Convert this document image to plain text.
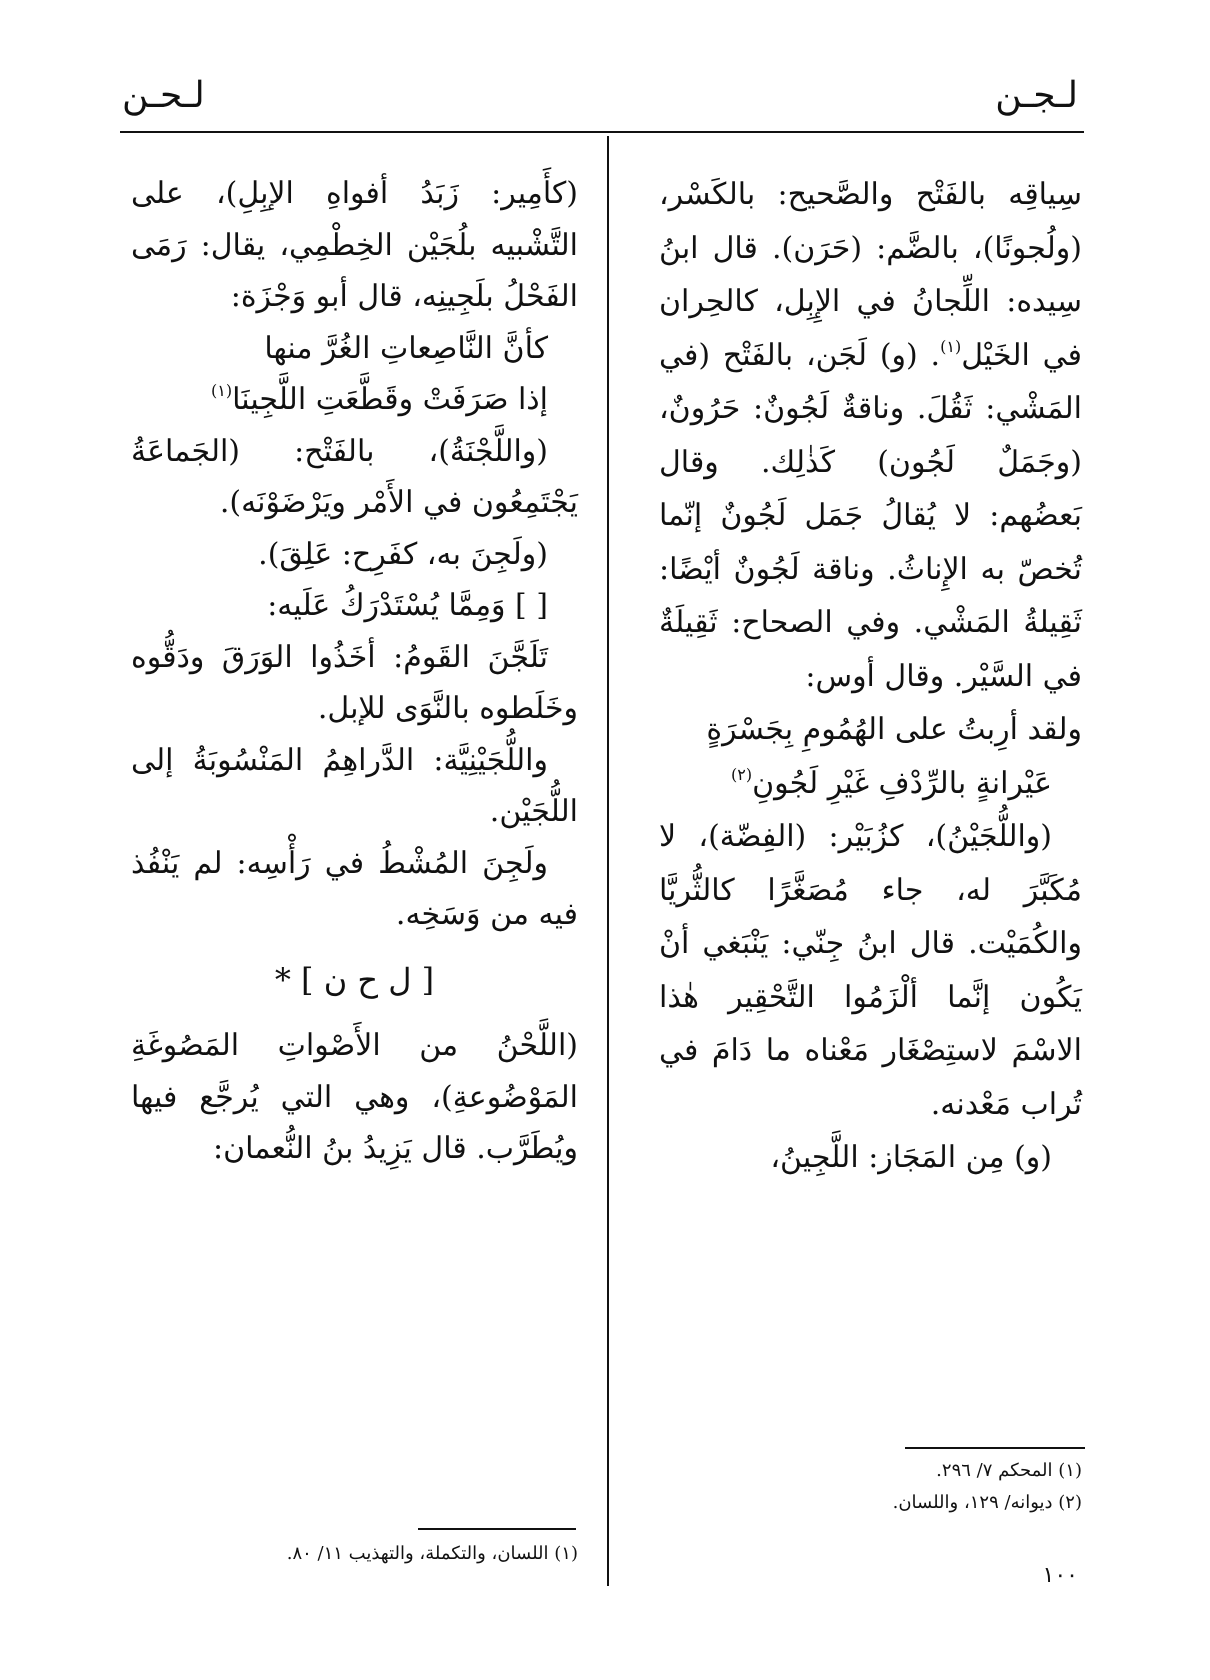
لـجـن
لـحـن

سِياقِه بالفَتْح والصَّحيح: بالكَسْر، (ولُجونًا)، بالضَّم: (حَرَن). قال ابنُ سِيده: اللِّجانُ في الإِبِل، كالحِران في الخَيْل$^{(١)}$. (و) لَجَن، بالفَتْح (في المَشْي: ثَقُلَ. وناقةٌ لَجُونٌ: حَرُونٌ، (وجَمَلٌ لَجُون) كَذٰلِك. وقال بَعضُهم: لا يُقالُ جَمَل لَجُونٌ إنّما تُخصّ به الإِناثُ. وناقة لَجُونٌ أيْضًا: ثَقِيلةُ المَشْي. وفي الصحاح: ثَقِيلَةٌ في السَّيْر. وقال أوس:

ولقد أرِبتُ على الهُمُومِ بِجَسْرَةٍ

عَيْرانةٍ بالرِّدْفِ غَيْرِ لَجُونِ$^{(٢)}$

(واللُّجَيْنُ)، كزُبَيْر: (الفِضّة)، لا مُكَبَّرَ له، جاء مُصَغَّرًا كالثُّريَّا والكُمَيْت. قال ابنُ جِنّي: يَنْبَغي أنْ يَكُون إنَّما ألْزَمُوا التَّحْقِير هٰذا الاسْمَ لاستِصْغَار مَعْناه ما دَامَ في تُراب مَعْدنه.

(و) مِن المَجَاز: اللَّجِينُ،

(كأَمِير: زَبَدُ أفواهِ الإبِلِ)، على التَّشْبيه بلُجَيْن الخِطْمِي، يقال: رَمَى الفَحْلُ بلَجِينِه، قال أبو وَجْزَة:

كأنَّ النَّاصِعاتِ الغُرَّ منها

إذا صَرَفَتْ وقَطَّعَتِ اللَّجِينَا$^{(١)}$

(واللَّجْنَةُ)، بالفَتْح: (الجَماعَةُ يَجْتَمِعُون في الأَمْر ويَرْضَوْنَه).

(ولَجِنَ به، كفَرِح: عَلِقَ).

[ ] وَمِمَّا يُسْتَدْرَكُ عَلَيه:

تَلَجَّنَ القَومُ: أخَذُوا الوَرَقَ ودَقُّوه وخَلَطوه بالنَّوَى للإبل.

واللُّجَيْنِيَّة: الدَّراهِمُ المَنْسُوبَةُ إلى اللُّجَيْن.

ولَجِنَ المُشْطُ في رَأْسِه: لم يَنْفُذ فيه من وَسَخِه.

[ ل ح ن ] *

(اللَّحْنُ من الأَصْواتِ المَصُوغَةِ المَوْضُوعةِ)، وهي التي يُرجَّع فيها ويُطَرَّب. قال يَزِيدُ بنُ النُّعمان:

(١) المحكم ٧/ ٢٩٦.
(٢) ديوانه/ ١٢٩، واللسان.
(١) اللسان، والتكملة، والتهذيب ١١/ ٨٠.
١٠٠
